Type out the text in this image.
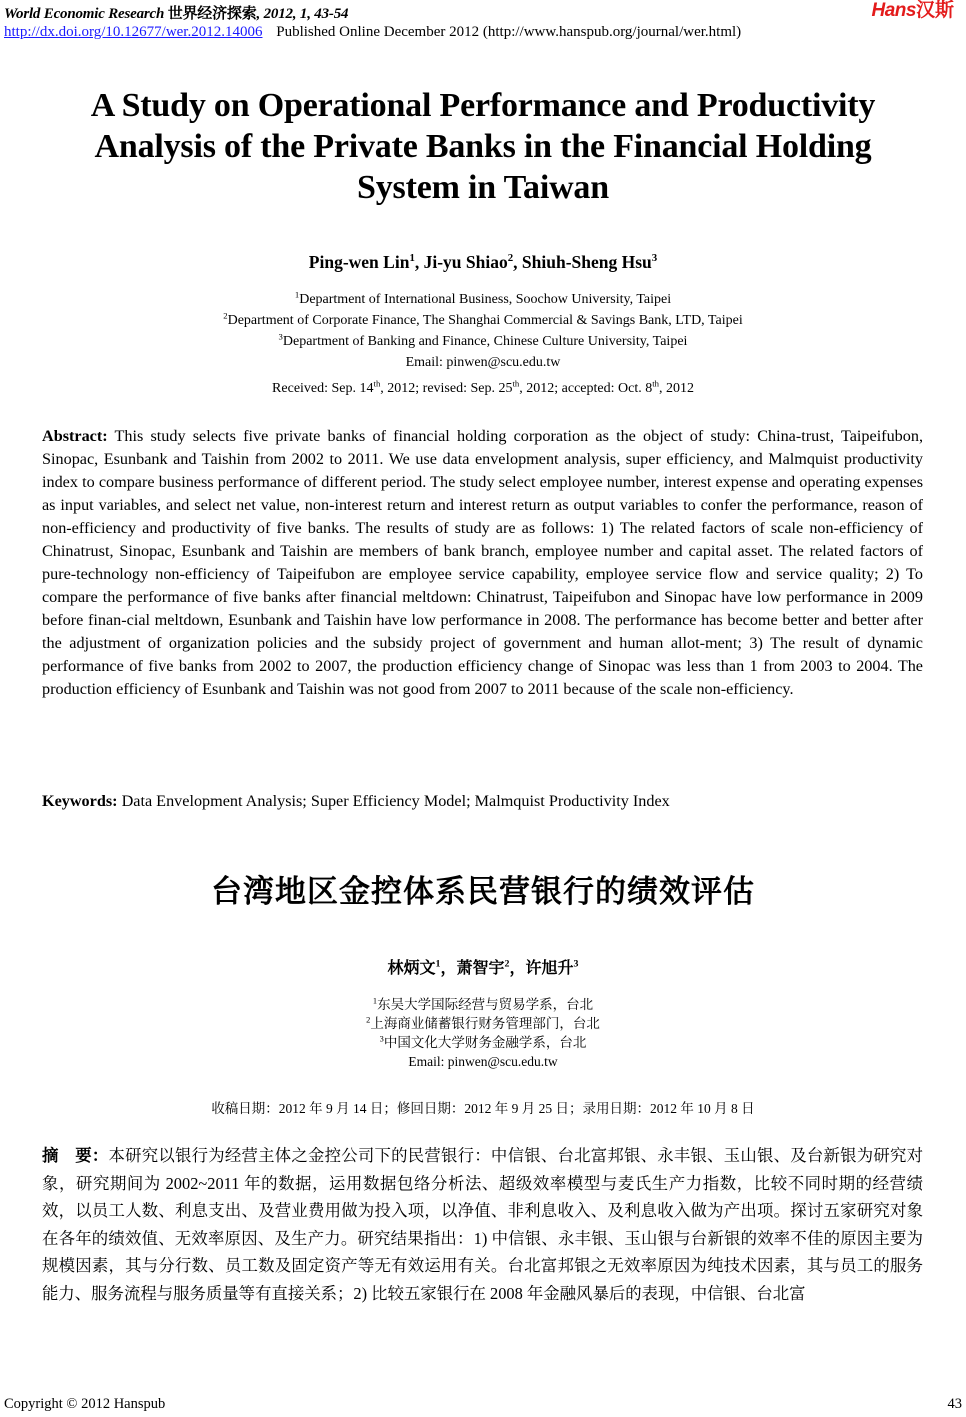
World Economic Research 世界经济探索, 2012, 1, 43-54	Hans汉斯
http://dx.doi.org/10.12677/wer.2012.14006 Published Online December 2012 (http://www.hanspub.org/journal/wer.html)
A Study on Operational Performance and Productivity Analysis of the Private Banks in the Financial Holding System in Taiwan
Ping-wen Lin$^1$, Ji-yu Shiao$^2$, Shiuh-Sheng Hsu$^3$
$^1$Department of International Business, Soochow University, Taipei
$^2$Department of Corporate Finance, The Shanghai Commercial & Savings Bank, LTD, Taipei
$^3$Department of Banking and Finance, Chinese Culture University, Taipei
Email: pinwen@scu.edu.tw
Received: Sep. 14th, 2012; revised: Sep. 25th, 2012; accepted: Oct. 8th, 2012
Abstract: This study selects five private banks of financial holding corporation as the object of study: China-trust, Taipeifubon, Sinopac, Esunbank and Taishin from 2002 to 2011. We use data envelopment analysis, super efficiency, and Malmquist productivity index to compare business performance of different period. The study select employee number, interest expense and operating expenses as input variables, and select net value, non-interest return and interest return as output variables to confer the performance, reason of non-efficiency and productivity of five banks. The results of study are as follows: 1) The related factors of scale non-efficiency of Chinatrust, Sinopac, Esunbank and Taishin are members of bank branch, employee number and capital asset. The related factors of pure-technology non-efficiency of Taipeifubon are employee service capability, employee service flow and service quality; 2) To compare the performance of five banks after financial meltdown: Chinatrust, Taipeifubon and Sinopac have low performance in 2009 before finan-cial meltdown, Esunbank and Taishin have low performance in 2008. The performance has become better and better after the adjustment of organization policies and the subsidy project of government and human allot-ment; 3) The result of dynamic performance of five banks from 2002 to 2007, the production efficiency change of Sinopac was less than 1 from 2003 to 2004. The production efficiency of Esunbank and Taishin was not good from 2007 to 2011 because of the scale non-efficiency.
Keywords: Data Envelopment Analysis; Super Efficiency Model; Malmquist Productivity Index
台湾地区金控体系民营银行的绩效评估
林炳文$^1$，萧智宇$^2$，许旭升$^3$
$^1$东吴大学国际经营与贸易学系，台北
$^2$上海商业储蓄银行财务管理部门，台北
$^3$中国文化大学财务金融学系，台北
Email: pinwen@scu.edu.tw
收稿日期：2012 年 9 月 14 日；修回日期：2012 年 9 月 25 日；录用日期：2012 年 10 月 8 日
摘　要：本研究以银行为经营主体之金控公司下的民营银行：中信银、台北富邦银、永丰银、玉山银、及台新银为研究对象，研究期间为 2002~2011 年的数据，运用数据包络分析法、超级效率模型与麦氏生产力指数，比较不同时期的经营绩效，以员工人数、利息支出、及营业费用做为投入项，以净值、非利息收入、及利息收入做为产出项。探讨五家研究对象在各年的绩效值、无效率原因、及生产力。研究结果指出：1) 中信银、永丰银、玉山银与台新银的效率不佳的原因主要为规模因素，其与分行数、员工数及固定资产等无有效运用有关。台北富邦银之无效率原因为纯技术因素，其与员工的服务能力、服务流程与服务质量等有直接关系；2) 比较五家银行在 2008 年金融风暴后的表现，中信银、台北富
Copyright © 2012 Hanspub	43
